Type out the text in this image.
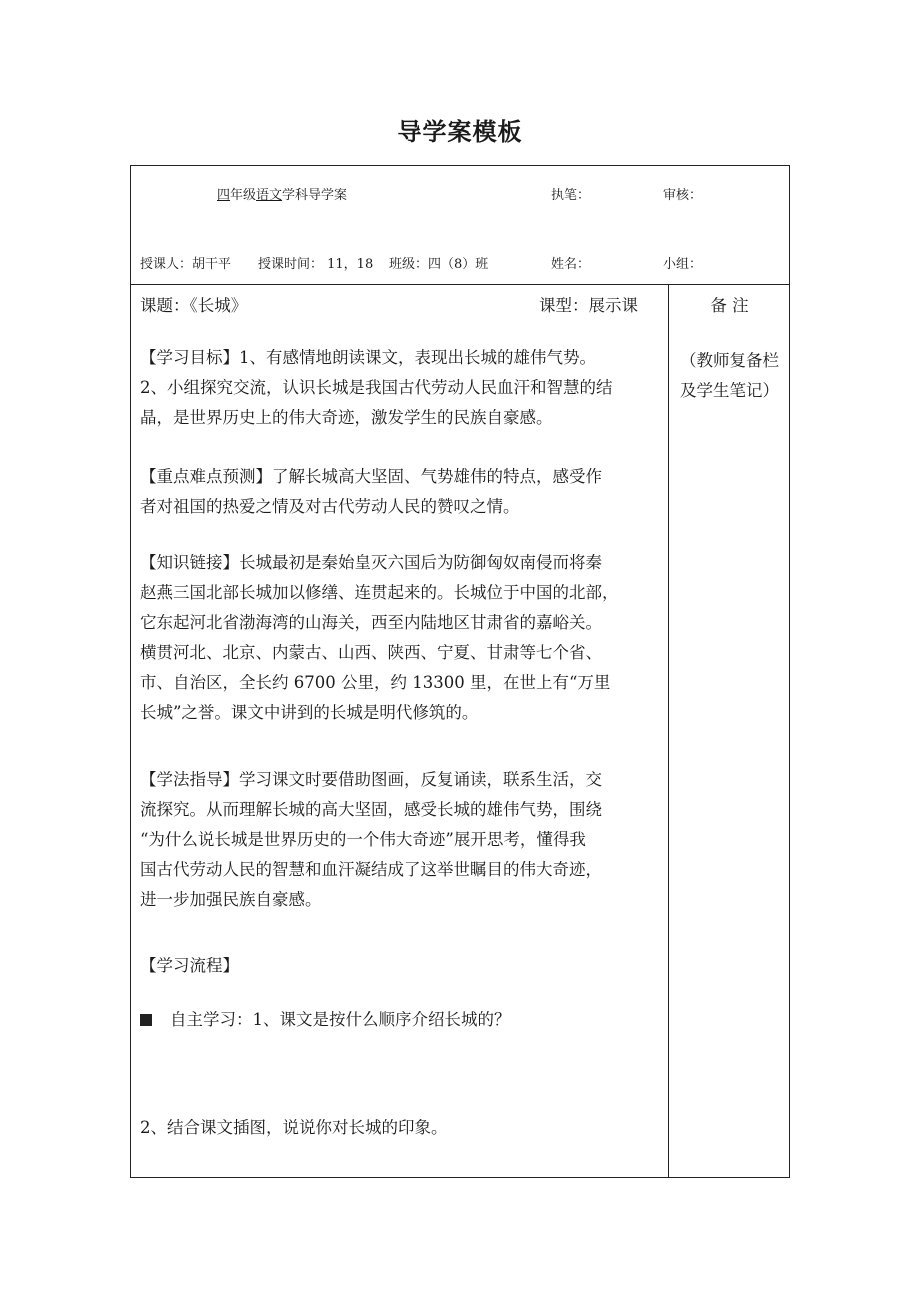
导学案模板
四年级语文学科导学案	执笔：	审核：
授课人：胡干平 授课时间： 11，18 班级：四（8）班	姓名：	小组：
课题：《长城》	课型：展示课	备 注
（教师复备栏及学生笔记）
【学习目标】1、有感情地朗读课文，表现出长城的雄伟气势。
2、小组探究交流，认识长城是我国古代劳动人民血汗和智慧的结
晶，是世界历史上的伟大奇迹，激发学生的民族自豪感。
【重点难点预测】了解长城高大坚固、气势雄伟的特点，感受作
者对祖国的热爱之情及对古代劳动人民的赞叹之情。
【知识链接】长城最初是秦始皇灭六国后为防御匈奴南侵而将秦
赵燕三国北部长城加以修缮、连贯起来的。长城位于中国的北部，
它东起河北省渤海湾的山海关，西至内陆地区甘肃省的嘉峪关。
横贯河北、北京、内蒙古、山西、陕西、宁夏、甘肃等七个省、
市、自治区，全长约 6700 公里，约 13300 里，在世上有“万里
长城”之誉。课文中讲到的长城是明代修筑的。
【学法指导】学习课文时要借助图画，反复诵读，联系生活，交
流探究。从而理解长城的高大坚固，感受长城的雄伟气势，围绕
“为什么说长城是世界历史的一个伟大奇迹”展开思考，懂得我
国古代劳动人民的智慧和血汗凝结成了这举世瞩目的伟大奇迹，
进一步加强民族自豪感。
【学习流程】
自主学习：1、课文是按什么顺序介绍长城的？
2、结合课文插图，说说你对长城的印象。
